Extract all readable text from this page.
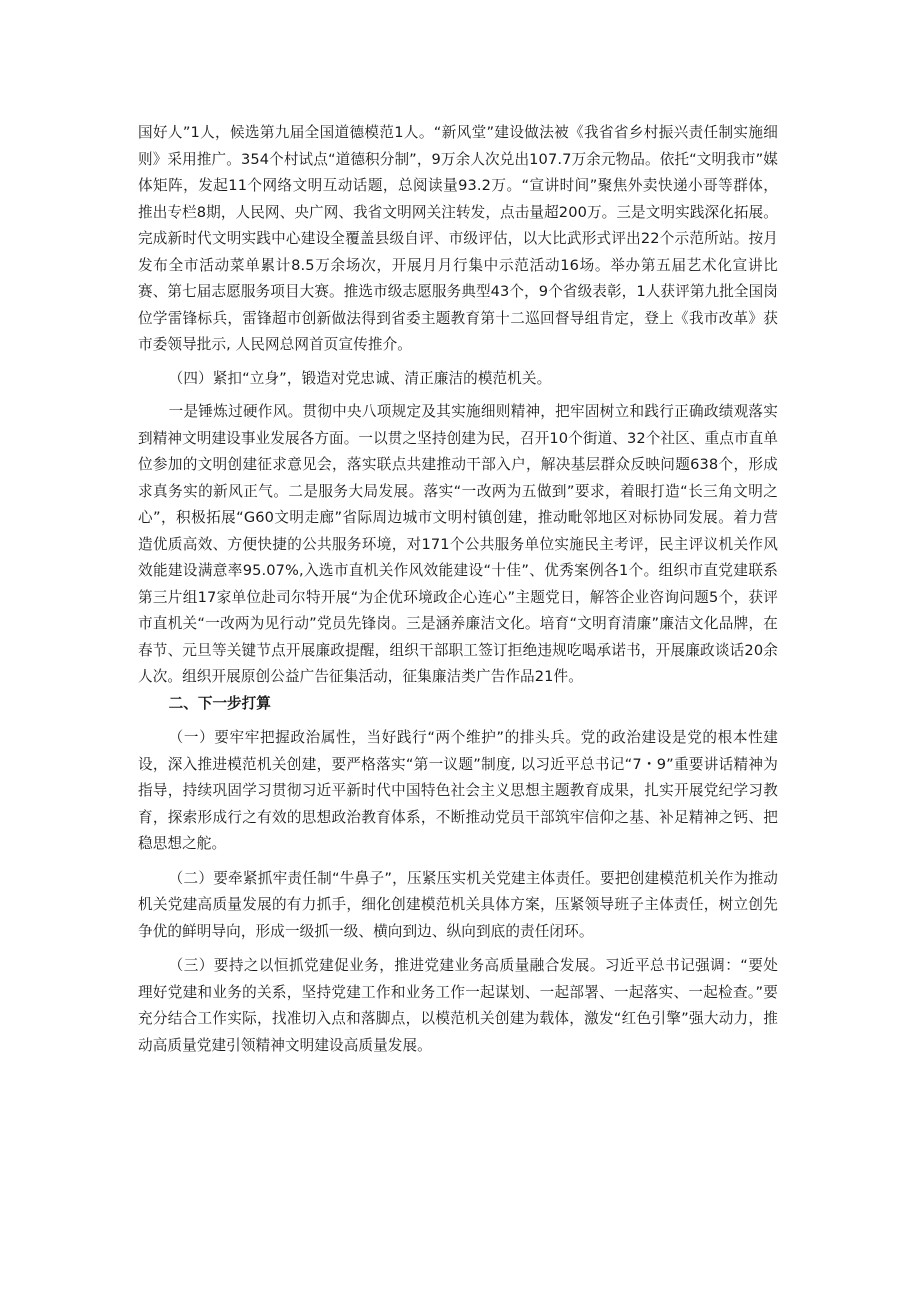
国好人”1人，候选第九届全国道德模范1人。“新风堂”建设做法被《我省省乡村振兴责任制实施细则》采用推广。354个村试点“道德积分制”，9万余人次兑出107.7万余元物品。依托“文明我市”媒体矩阵，发起11个网络文明互动话题，总阅读量93.2万。“宣讲时间”聚焦外卖快递小哥等群体，推出专栏8期，人民网、央广网、我省文明网关注转发，点击量超200万。三是文明实践深化拓展。完成新时代文明实践中心建设全覆盖县级自评、市级评估，以大比武形式评出22个示范所站。按月发布全市活动菜单累计8.5万余场次，开展月月行集中示范活动16场。举办第五届艺术化宣讲比赛、第七届志愿服务项目大赛。推选市级志愿服务典型43个，9个省级表彰，1人获评第九批全国岗位学雷锋标兵，雷锋超市创新做法得到省委主题教育第十二巡回督导组肯定，登上《我市改革》获市委领导批示, 人民网总网首页宣传推介。

（四）紧扣“立身”，锻造对党忠诚、清正廉洁的模范机关。

一是锤炼过硬作风。贯彻中央八项规定及其实施细则精神，把牢固树立和践行正确政绩观落实到精神文明建设事业发展各方面。一以贯之坚持创建为民，召开10个街道、32个社区、重点市直单位参加的文明创建征求意见会，落实联点共建推动干部入户，解决基层群众反映问题638个，形成求真务实的新风正气。二是服务大局发展。落实“一改两为五做到”要求，着眼打造“长三角文明之心”，积极拓展“G60文明走廊”省际周边城市文明村镇创建，推动毗邻地区对标协同发展。着力营造优质高效、方便快捷的公共服务环境，对171个公共服务单位实施民主考评，民主评议机关作风效能建设满意率95.07%,入选市直机关作风效能建设“十佳”、优秀案例各1个。组织市直党建联系第三片组17家单位赴司尔特开展“为企优环境政企心连心”主题党日，解答企业咨询问题5个，获评市直机关“一改两为见行动”党员先锋岗。三是涵养廉洁文化。培育“文明育清廉”廉洁文化品牌，在春节、元旦等关键节点开展廉政提醒，组织干部职工签订拒绝违规吃喝承诺书，开展廉政谈话20余人次。组织开展原创公益广告征集活动，征集廉洁类广告作品21件。

二、下一步打算

（一）要牢牢把握政治属性，当好践行“两个维护”的排头兵。党的政治建设是党的根本性建设，深入推进模范机关创建，要严格落实“第一议题”制度, 以习近平总书记“7・9”重要讲话精神为指导，持续巩固学习贯彻习近平新时代中国特色社会主义思想主题教育成果，扎实开展党纪学习教育，探索形成行之有效的思想政治教育体系，不断推动党员干部筑牢信仰之基、补足精神之钙、把稳思想之舵。

（二）要牵紧抓牢责任制“牛鼻子”，压紧压实机关党建主体责任。要把创建模范机关作为推动机关党建高质量发展的有力抓手，细化创建模范机关具体方案，压紧领导班子主体责任，树立创先争优的鲜明导向，形成一级抓一级、横向到边、纵向到底的责任闭环。

（三）要持之以恒抓党建促业务，推进党建业务高质量融合发展。习近平总书记强调：“要处理好党建和业务的关系，坚持党建工作和业务工作一起谋划、一起部署、一起落实、一起检查。”要充分结合工作实际，找准切入点和落脚点，以模范机关创建为载体，激发“红色引擎”强大动力，推动高质量党建引领精神文明建设高质量发展。
